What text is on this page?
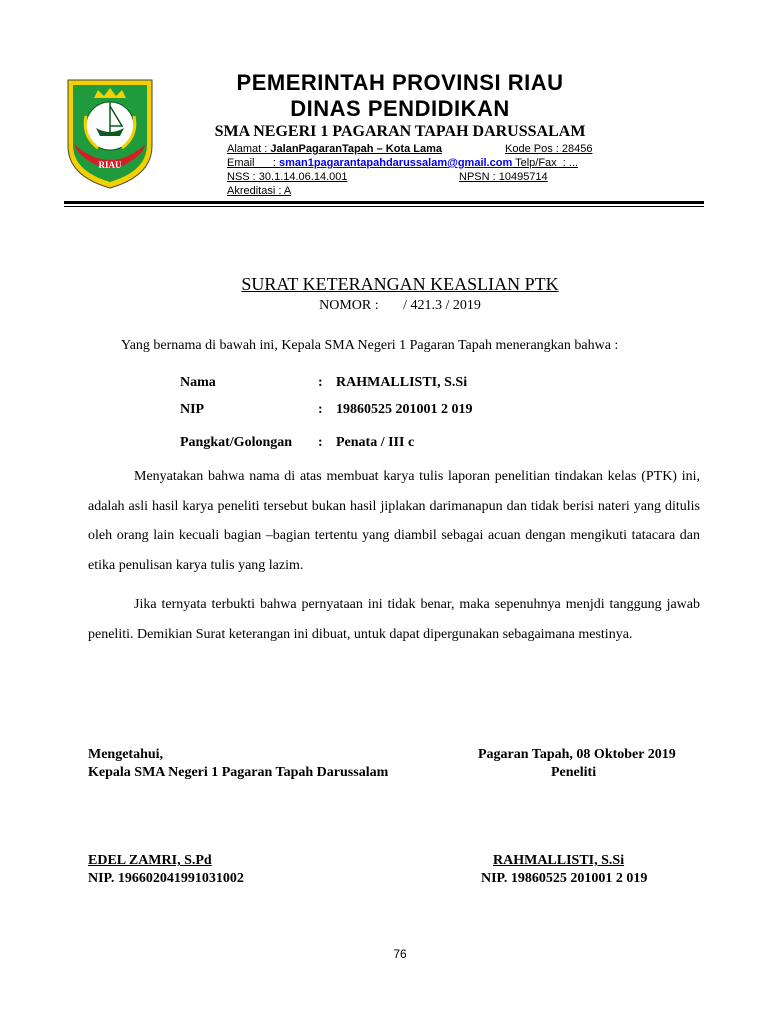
RIAU
PEMERINTAH PROVINSI RIAU
DINAS PENDIDIKAN
SMA NEGERI 1 PAGARAN TAPAH DARUSSALAM
Alamat : JalanPagaranTapah – Kota Lama	Kode Pos : 28456
Email      : sman1pagarantapahdarussalam@gmail.com Telp/Fax  : ...
NSS : 30.1.14.06.14.001	NPSN : 10495714
Akreditasi : A
SURAT KETERANGAN KEASLIAN PTK
NOMOR :       / 421.3 / 2019
Yang bernama di bawah ini, Kepala SMA Negeri 1 Pagaran Tapah menerangkan bahwa :
Nama	: RAHMALLISTI, S.Si
NIP	: 19860525 201001 2 019
Pangkat/Golongan : Penata / III c
Menyatakan bahwa nama di atas membuat karya tulis laporan penelitian tindakan kelas (PTK) ini, adalah asli hasil karya peneliti tersebut bukan hasil jiplakan darimanapun dan tidak berisi nateri yang ditulis oleh orang lain kecuali bagian –bagian tertentu yang diambil sebagai acuan dengan mengikuti tatacara dan etika penulisan karya tulis yang lazim.
Jika ternyata terbukti bahwa pernyataan ini tidak benar, maka sepenuhnya menjdi tanggung jawab peneliti. Demikian Surat keterangan ini dibuat, untuk dapat dipergunakan sebagaimana mestinya.
Mengetahui,
Kepala SMA Negeri 1 Pagaran Tapah Darussalam
EDEL ZAMRI, S.Pd
NIP. 196602041991031002
Pagaran Tapah, 08 Oktober 2019
Peneliti
RAHMALLISTI, S.Si
NIP. 19860525 201001 2 019
76
